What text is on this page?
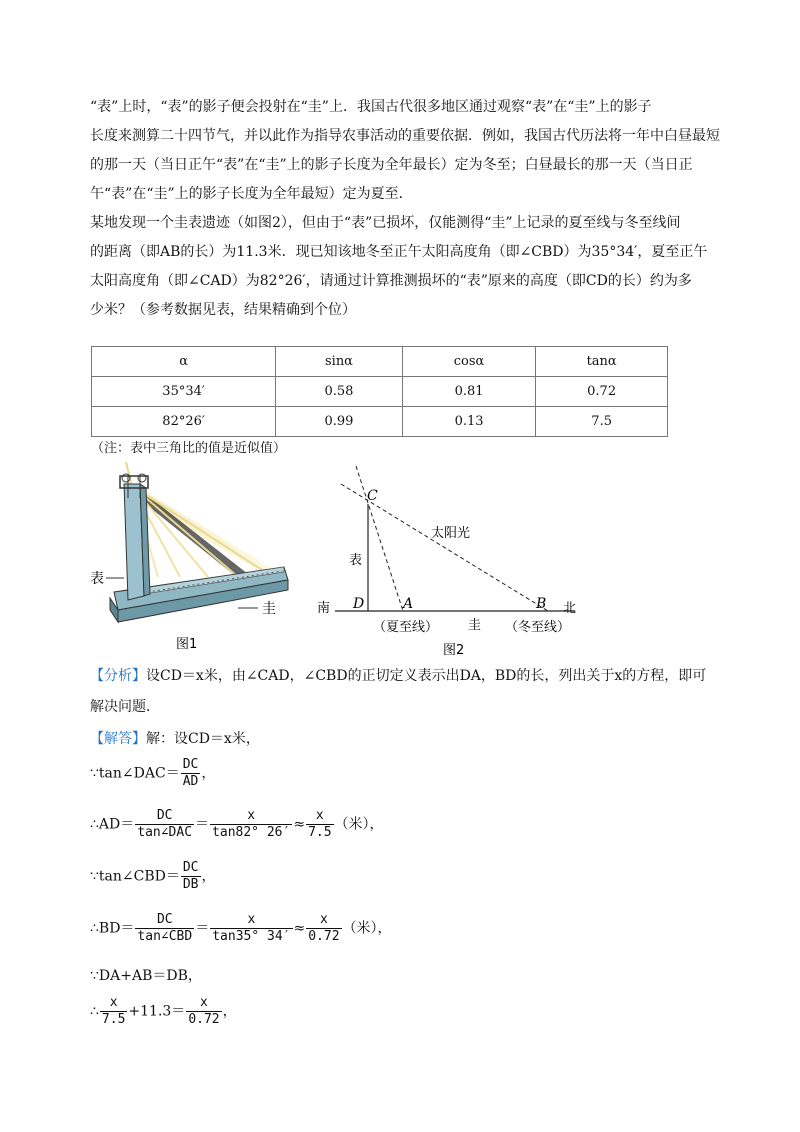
“表”上时，“表”的影子便会投射在“圭”上．我国古代很多地区通过观察“表”在“圭”上的影子

长度来测算二十四节气，并以此作为指导农事活动的重要依据．例如，我国古代历法将一年中白昼最短

的那一天（当日正午“表”在“圭”上的影子长度为全年最长）定为冬至；白昼最长的那一天（当日正

午“表”在“圭”上的影子长度为全年最短）定为夏至．

某地发现一个圭表遗迹（如图2），但由于“表”已损坏，仅能测得“圭”上记录的夏至线与冬至线间

的距离（即AB的长）为11.3米．现已知该地冬至正午太阳高度角（即∠CBD）为35°34′，夏至正午

太阳高度角（即∠CAD）为82°26′，请通过计算推测损坏的“表”原来的高度（即CD的长）约为多

少米？（参考数据见表，结果精确到个位）

α	sinα	cosα	tanα
35°34′	0.58	0.81	0.72
82°26′	0.99	0.13	7.5
（注：表中三角比的值是近似值）
表
圭
图1
C
D	A	B
表
太阳光
南	北
圭
（夏至线）	（冬至线）
图2
【分析】设CD＝x米，由∠CAD，∠CBD的正切定义表示出DA，BD的长，列出关于x的方程，即可
解决问题．
【解答】解：设CD＝x米，
∵tan∠DAC＝ $\frac{DC}{AD}$ ，
∴AD＝ $\frac{DC}{\text{tan∠DAC}} = \frac{x}{\tan 82^\circ 26'} \approx \frac{x}{7.5}$ （米），
∵tan∠CBD＝ $\frac{DC}{DB}$ ，
∴BD＝ $\frac{DC}{\text{tan∠CBD}} = \frac{x}{\tan 35^\circ 34'} \approx \frac{x}{0.72}$ （米），
∵DA+AB＝DB，
∴ $\frac{x}{7.5} +11.3= \frac{x}{0.72}$ ，
